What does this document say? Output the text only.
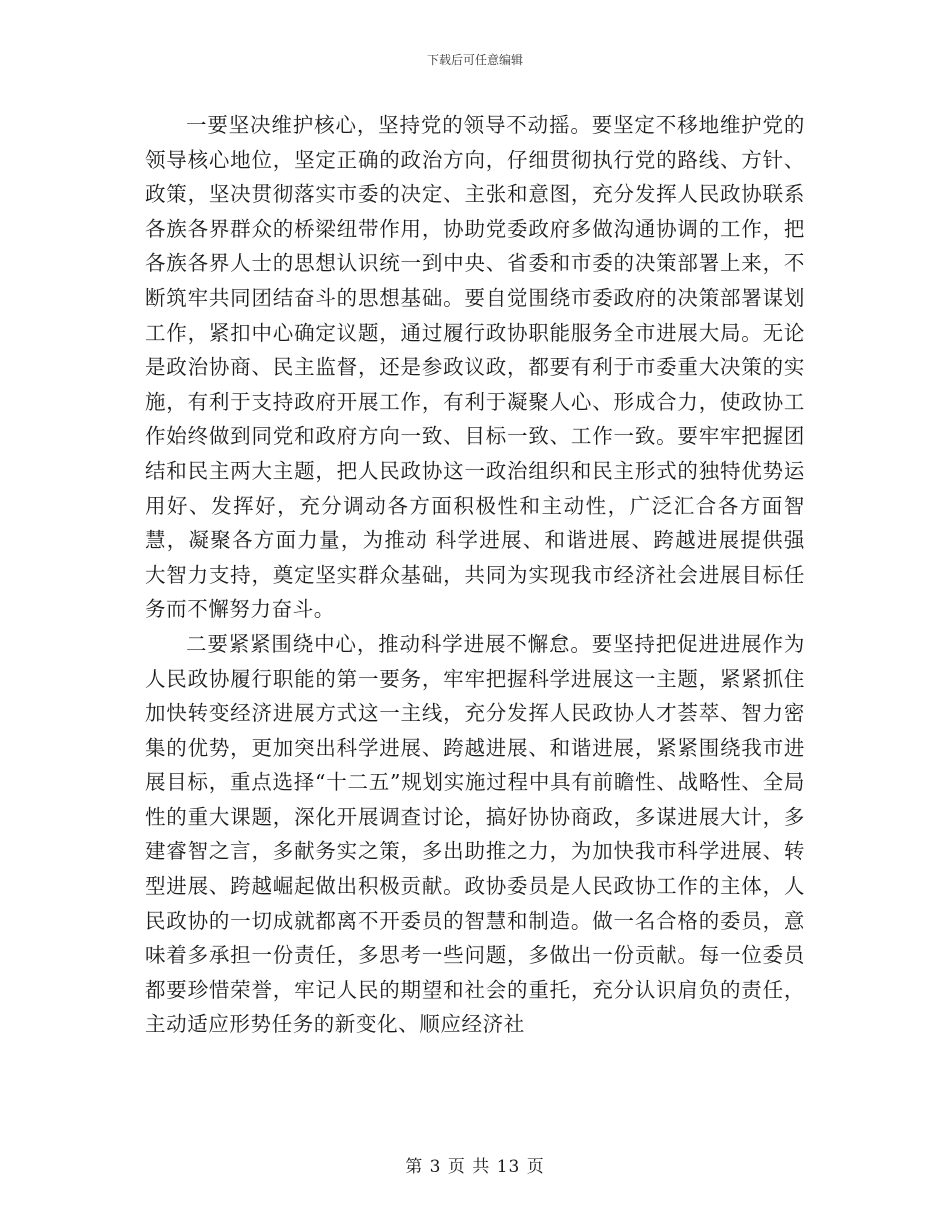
下载后可任意编辑

一要坚决维护核心，坚持党的领导不动摇。要坚定不移地维护党的领导核心地位，坚定正确的政治方向，仔细贯彻执行党的路线、方针、政策，坚决贯彻落实市委的决定、主张和意图，充分发挥人民政协联系各族各界群众的桥梁纽带作用，协助党委政府多做沟通协调的工作，把各族各界人士的思想认识统一到中央、省委和市委的决策部署上来，不断筑牢共同团结奋斗的思想基础。要自觉围绕市委政府的决策部署谋划工作，紧扣中心确定议题，通过履行政协职能服务全市进展大局。无论是政治协商、民主监督，还是参政议政，都要有利于市委重大决策的实施，有利于支持政府开展工作，有利于凝聚人心、形成合力，使政协工作始终做到同党和政府方向一致、目标一致、工作一致。要牢牢把握团结和民主两大主题，把人民政协这一政治组织和民主形式的独特优势运用好、发挥好，充分调动各方面积极性和主动性，广泛汇合各方面智慧，凝聚各方面力量，为推动 科学进展、和谐进展、跨越进展提供强大智力支持，奠定坚实群众基础，共同为实现我市经济社会进展目标任务而不懈努力奋斗。

二要紧紧围绕中心，推动科学进展不懈怠。要坚持把促进进展作为人民政协履行职能的第一要务，牢牢把握科学进展这一主题，紧紧抓住加快转变经济进展方式这一主线，充分发挥人民政协人才荟萃、智力密集的优势，更加突出科学进展、跨越进展、和谐进展，紧紧围绕我市进展目标，重点选择“十二五”规划实施过程中具有前瞻性、战略性、全局性的重大课题，深化开展调查讨论，搞好协协商政，多谋进展大计，多建睿智之言，多献务实之策，多出助推之力，为加快我市科学进展、转型进展、跨越崛起做出积极贡献。政协委员是人民政协工作的主体，人民政协的一切成就都离不开委员的智慧和制造。做一名合格的委员，意味着多承担一份责任，多思考一些问题，多做出一份贡献。每一位委员都要珍惜荣誉，牢记人民的期望和社会的重托，充分认识肩负的责任，主动适应形势任务的新变化、顺应经济社

第 3 页 共 13 页
